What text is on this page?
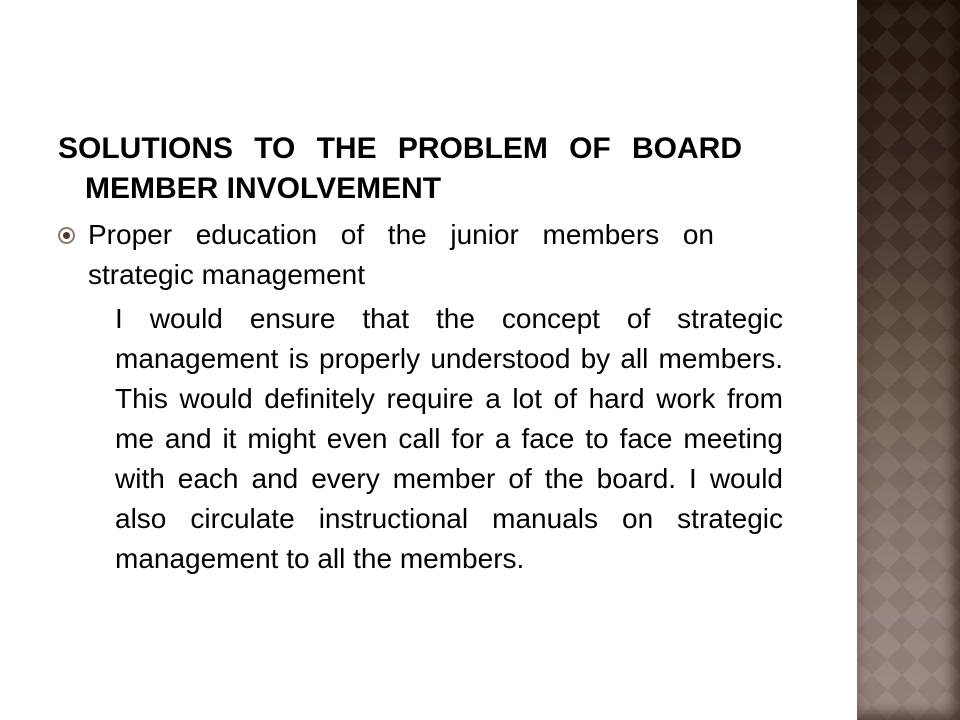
SOLUTIONS TO THE PROBLEM OF BOARD MEMBER INVOLVEMENT
Proper education of the junior members on strategic management
I would ensure that the concept of strategic management is properly understood by all members. This would definitely require a lot of hard work from me and it might even call for a face to face meeting with each and every member of the board. I would also circulate instructional manuals on strategic management to all the members.
